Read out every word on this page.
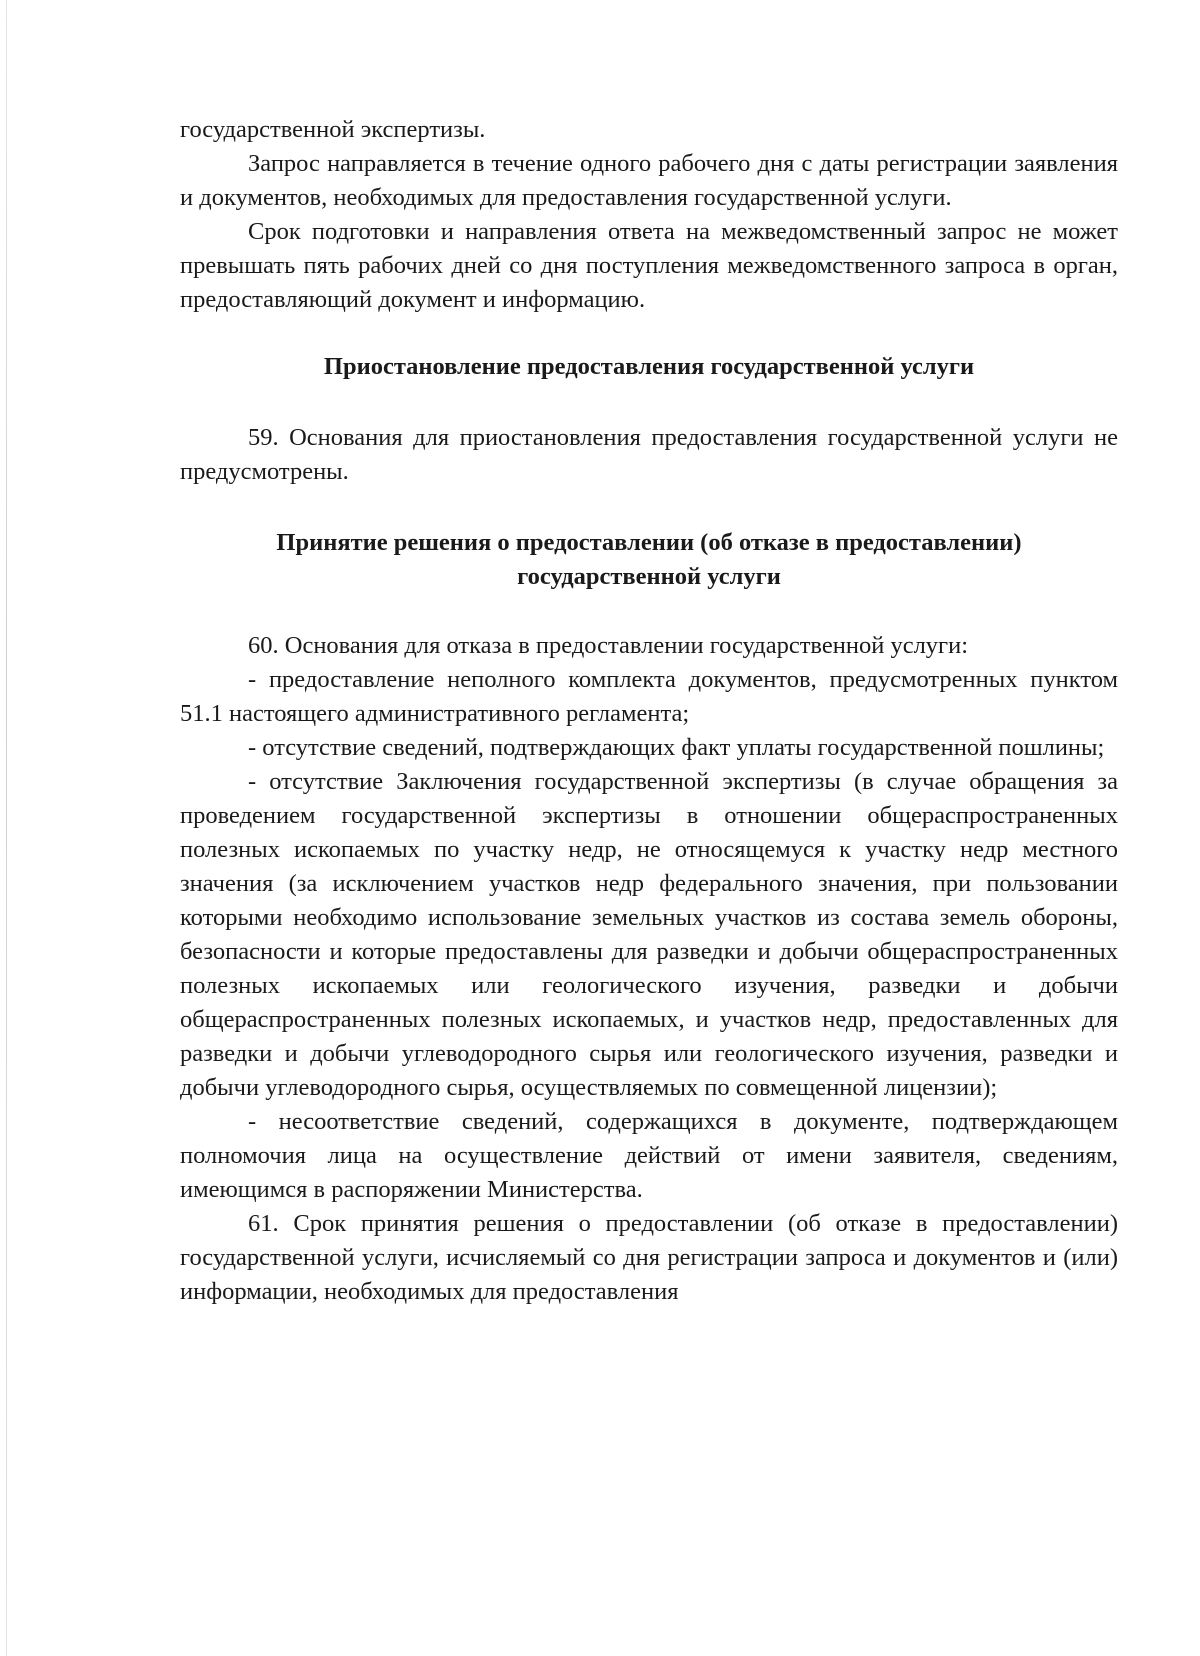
государственной экспертизы.

Запрос направляется в течение одного рабочего дня с даты регистрации заявления и документов, необходимых для предоставления государственной услуги.

Срок подготовки и направления ответа на межведомственный запрос не может превышать пять рабочих дней со дня поступления межведомственного запроса в орган, предоставляющий документ и информацию.

Приостановление предоставления государственной услуги

59. Основания для приостановления предоставления государственной услуги не предусмотрены.

Принятие решения о предоставлении (об отказе в предоставлении)

государственной услуги

60. Основания для отказа в предоставлении государственной услуги:

- предоставление неполного комплекта документов, предусмотренных пунктом 51.1 настоящего административного регламента;

- отсутствие сведений, подтверждающих факт уплаты государственной пошлины;

- отсутствие Заключения государственной экспертизы (в случае обращения за проведением государственной экспертизы в отношении общераспространенных полезных ископаемых по участку недр, не относящемуся к участку недр местного значения (за исключением участков недр федерального значения, при пользовании которыми необходимо использование земельных участков из состава земель обороны, безопасности и которые предоставлены для разведки и добычи общераспространенных полезных ископаемых или геологического изучения, разведки и добычи общераспространенных полезных ископаемых, и участков недр, предоставленных для разведки и добычи углеводородного сырья или геологического изучения, разведки и добычи углеводородного сырья, осуществляемых по совмещенной лицензии);

- несоответствие сведений, содержащихся в документе, подтверждающем полномочия лица на осуществление действий от имени заявителя, сведениям, имеющимся в распоряжении Министерства.

61. Срок принятия решения о предоставлении (об отказе в предоставлении) государственной услуги, исчисляемый со дня регистрации запроса и документов и (или) информации, необходимых для предоставления
